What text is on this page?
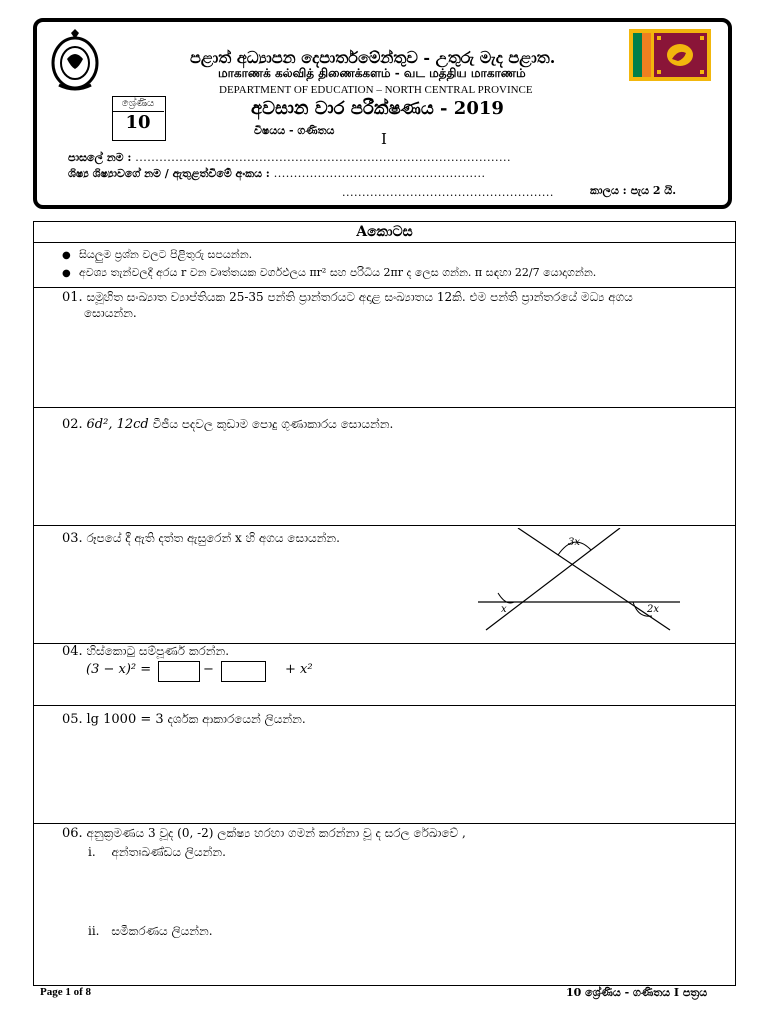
පළාත් අධ්‍යාපන දෙපාර්තමේන්තුව - උතුරු මැද පළාත.
மாகாணக் கல்வித் திணைக்களம் - வட மத்திய மாகாணம்
DEPARTMENT OF EDUCATION – NORTH CENTRAL PROVINCE
ශ්‍රේණිය
10
අවසාන වාර පරීක්ෂණය - 2019
විෂයය - ගණිතය	I
පාසලේ නම : ..............................................................................................
ශිෂ්‍ය ශිෂ්‍යාවගේ නම / ඇතුළත්වීමේ අංකය : .....................................................
.....................................................	කාලය : පැය 2 යි.
Aකොටස
● සියලුම ප්‍රශ්න වලට පිළිතුරු සපයන්න.
● අවශ්‍ය තැන්වලදී අරය r වන වෘත්තයක වර්ගඵලය πr² සහ පරිධිය 2πr ද ලෙස ගන්න. π සඳහා 22/7 යොදාගන්න.
01. සමූහිත සංඛ්‍යාත ව්‍යාප්තියක 25-35 පන්ති ප්‍රාන්තරයට අදාළ සංඛ්‍යාතය 12කි. එම පන්ති ප්‍රාන්තරයේ මධ්‍ය අගය
සොයන්න.
02. 6d², 12cd වීජීය පදවල කුඩාම පොදු ගුණාකාරය සොයන්න.
03. රූපයේ දී ඇති දත්ත ඇසුරෙන් x හි අගය සොයන්න.	3x
x	2x
04. හිස්කොටු සම්පූර්ණ කරන්න.
(3 − x)² =	−	+ x²
05. lg 1000 = 3 දර්ශක ආකාරයෙන් ලියන්න.
06. අනුක්‍රමණය 3 වූද (0, -2) ලක්ෂ්‍ය හරහා ගමන් කරන්නා වූ ද සරල රේඛාවේ ,
i. අන්තඃඛණ්ඩය ලියන්න.
ii. සමීකරණය ලියන්න.
Page 1 of 8	10 ශ්‍රේණිය - ගණිතය I පත්‍රය
